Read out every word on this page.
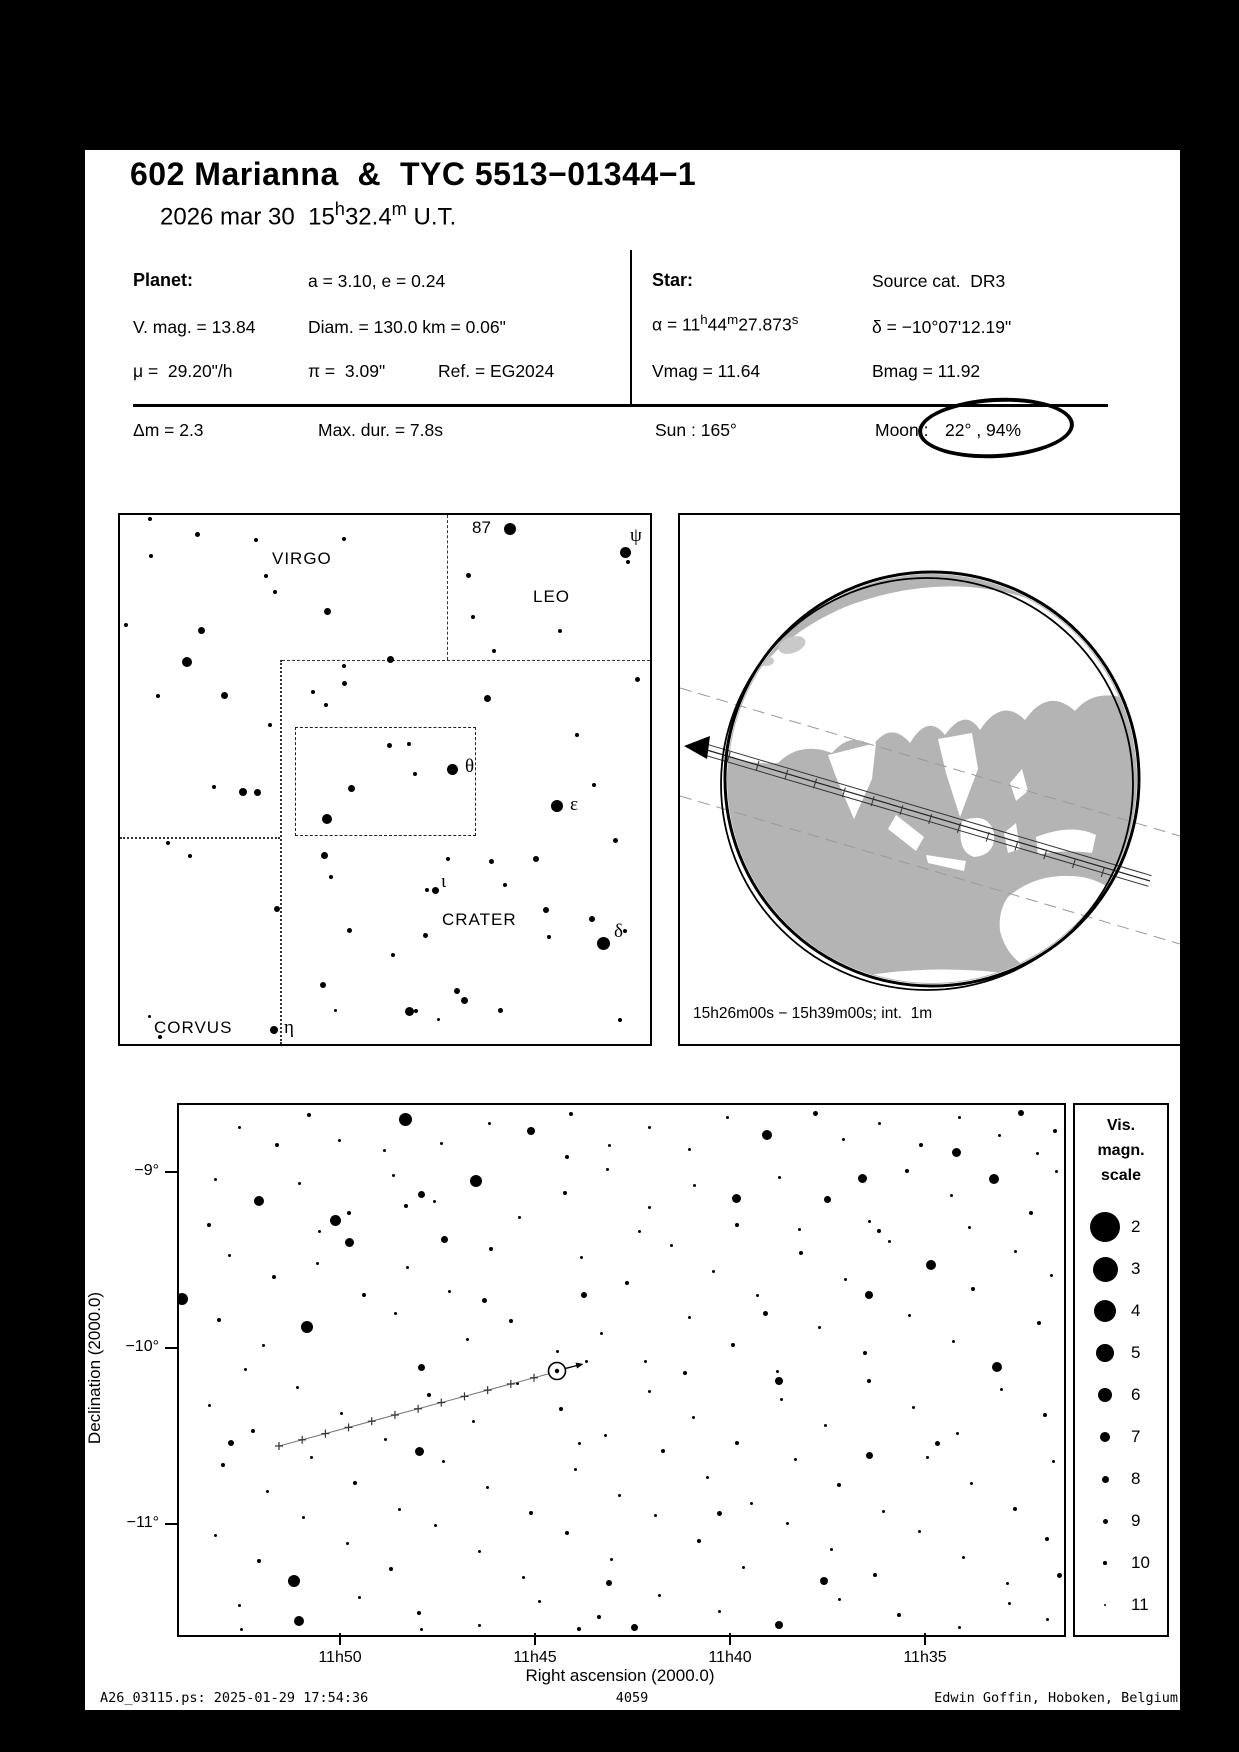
602 Marianna  &  TYC 5513−01344−1
2026 mar 30  15$^h$32.4$^m$ U.T.
Planet:	a = 3.10, e = 0.24
V. mag. = 13.84	Diam. = 130.0 km = 0.06"
μ =  29.20"/h	π =  3.09"	Ref. = EG2024
Star:	Source cat.  DR3
$\alpha = 11^h44^m27.873^s$	δ = −10°07'12.19"
Vmag = 11.64	Bmag = 11.92
Δm = 2.3	Max. dur. = 7.8s	Sun : 165°	Moon : 22° , 94%
VIRGO
LEO
CRATER
CORVUS
87	ψ
θ
ε
ι
δ
η
15h26m00s − 15h39m00s; int.  1m
Declination (2000.0)
Right ascension (2000.0)
11h50	11h45	11h40	11h35
−9°
−10°
−11°
Vis.
magn.
scale
2
3
4
5
6
7
8
9
10
11
A26_03115.ps: 2025-01-29 17:54:36	4059	Edwin Goffin, Hoboken, Belgium
